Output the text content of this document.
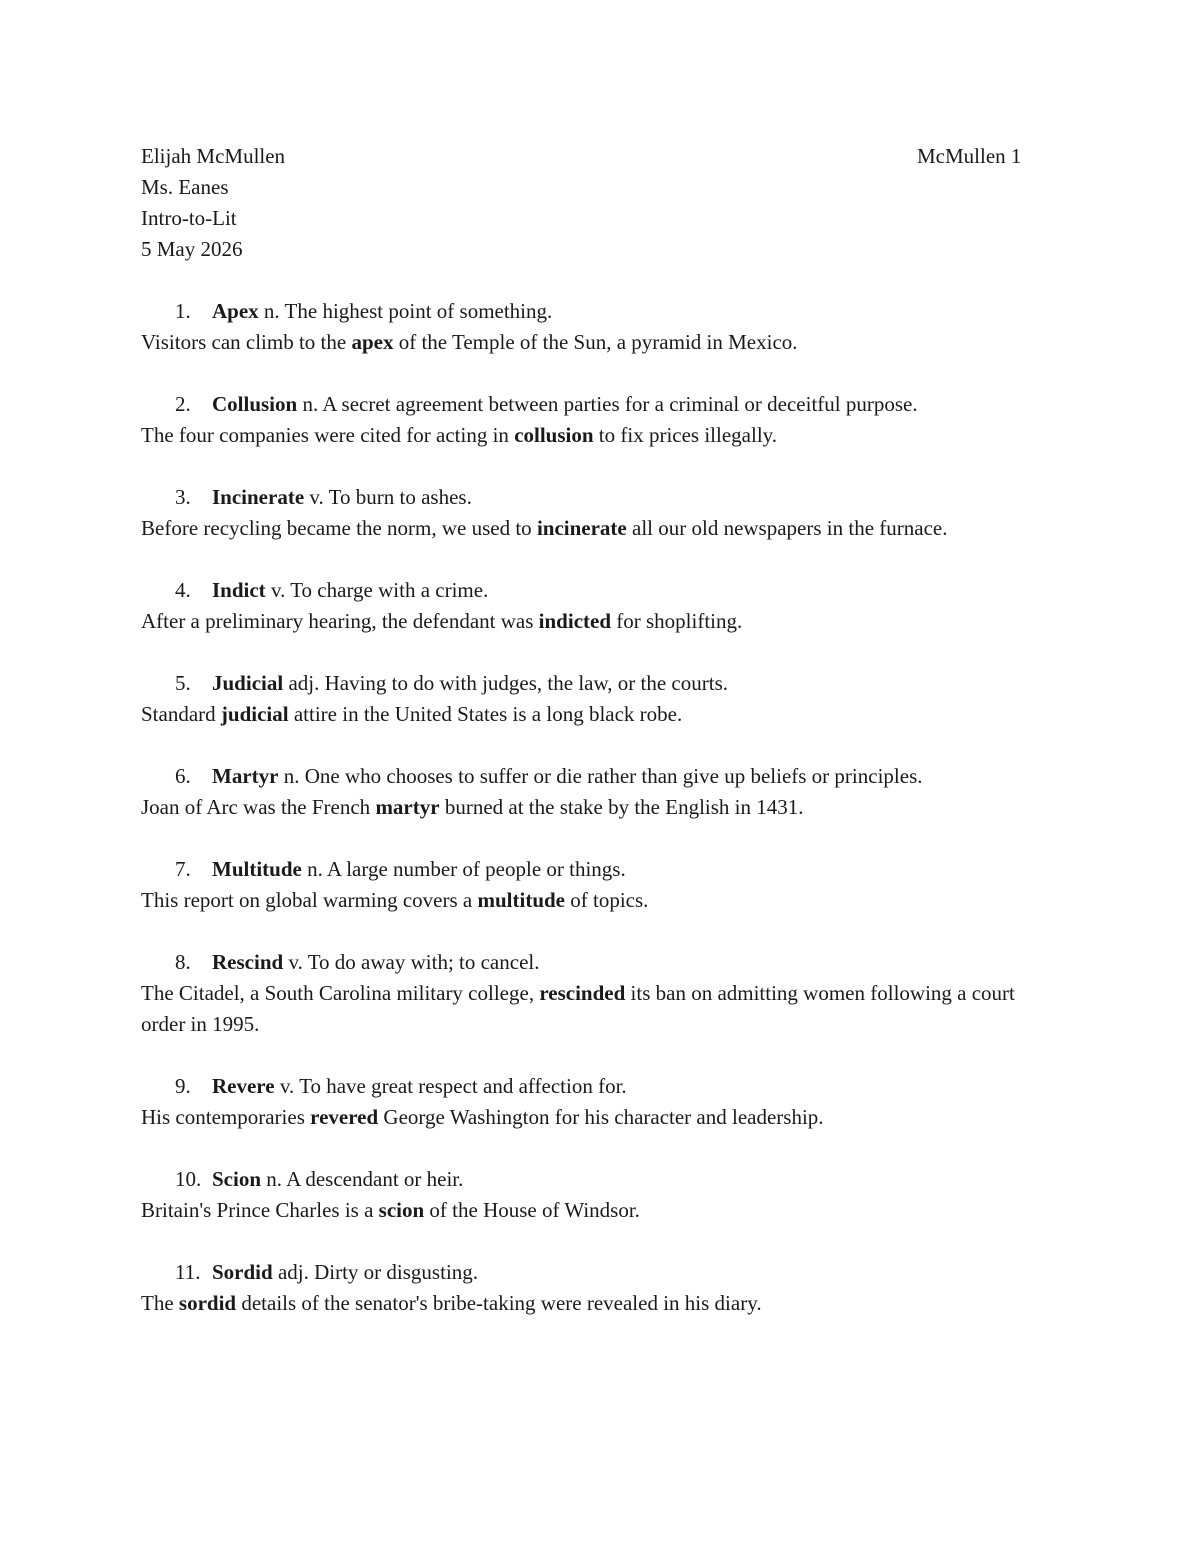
Elijah McMullen
Ms. Eanes
Intro-to-Lit
5 May 2026
McMullen 1
1. Apex n. The highest point of something.
Visitors can climb to the apex of the Temple of the Sun, a pyramid in Mexico.
2. Collusion n. A secret agreement between parties for a criminal or deceitful purpose.
The four companies were cited for acting in collusion to fix prices illegally.
3. Incinerate v. To burn to ashes.
Before recycling became the norm, we used to incinerate all our old newspapers in the furnace.
4. Indict v. To charge with a crime.
After a preliminary hearing, the defendant was indicted for shoplifting.
5. Judicial adj. Having to do with judges, the law, or the courts.
Standard judicial attire in the United States is a long black robe.
6. Martyr n. One who chooses to suffer or die rather than give up beliefs or principles.
Joan of Arc was the French martyr burned at the stake by the English in 1431.
7. Multitude n. A large number of people or things.
This report on global warming covers a multitude of topics.
8. Rescind v. To do away with; to cancel.
The Citadel, a South Carolina military college, rescinded its ban on admitting women following a court order in 1995.
9. Revere v. To have great respect and affection for.
His contemporaries revered George Washington for his character and leadership.
10. Scion n. A descendant or heir.
Britain's Prince Charles is a scion of the House of Windsor.
11. Sordid adj. Dirty or disgusting.
The sordid details of the senator's bribe-taking were revealed in his diary.
